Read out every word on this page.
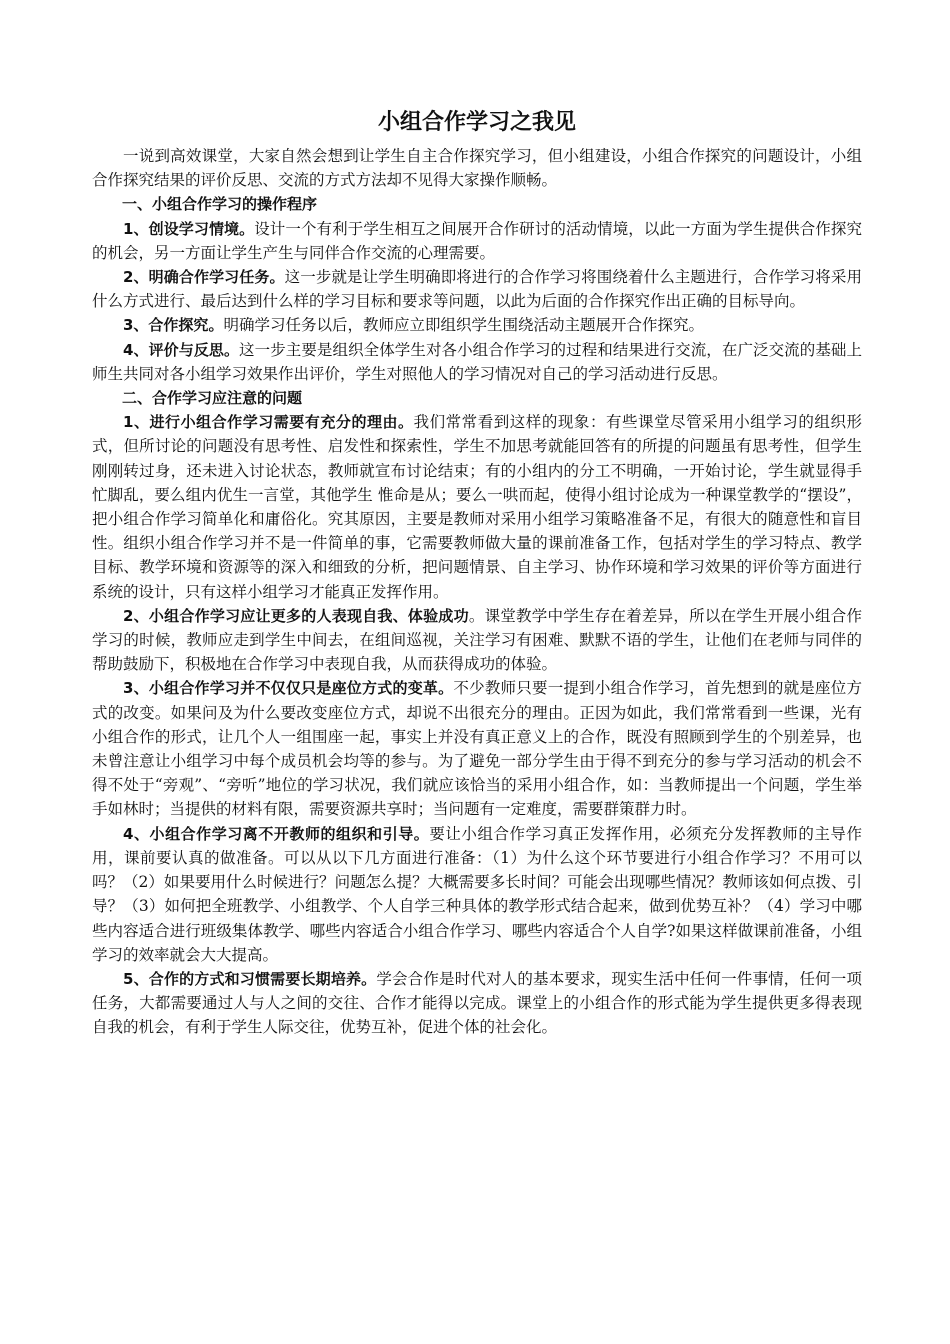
小组合作学习之我见

一说到高效课堂，大家自然会想到让学生自主合作探究学习，但小组建设，小组合作探究的问题设计，小组合作探究结果的评价反思、交流的方式方法却不见得大家操作顺畅。

一、小组合作学习的操作程序

1、创设学习情境。设计一个有利于学生相互之间展开合作研讨的活动情境，以此一方面为学生提供合作探究的机会，另一方面让学生产生与同伴合作交流的心理需要。

2、明确合作学习任务。这一步就是让学生明确即将进行的合作学习将围绕着什么主题进行，合作学习将采用什么方式进行、最后达到什么样的学习目标和要求等问题，以此为后面的合作探究作出正确的目标导向。

3、合作探究。明确学习任务以后，教师应立即组织学生围绕活动主题展开合作探究。

4、评价与反思。这一步主要是组织全体学生对各小组合作学习的过程和结果进行交流，在广泛交流的基础上师生共同对各小组学习效果作出评价，学生对照他人的学习情况对自己的学习活动进行反思。

二、合作学习应注意的问题

1、进行小组合作学习需要有充分的理由。我们常常看到这样的现象：有些课堂尽管采用小组学习的组织形式，但所讨论的问题没有思考性、启发性和探索性，学生不加思考就能回答有的所提的问题虽有思考性，但学生刚刚转过身，还未进入讨论状态，教师就宣布讨论结束；有的小组内的分工不明确，一开始讨论，学生就显得手忙脚乱，要么组内优生一言堂，其他学生 惟命是从；要么一哄而起，使得小组讨论成为一种课堂教学的“摆设”，把小组合作学习简单化和庸俗化。究其原因，主要是教师对采用小组学习策略准备不足，有很大的随意性和盲目性。组织小组合作学习并不是一件简单的事，它需要教师做大量的课前准备工作，包括对学生的学习特点、教学目标、教学环境和资源等的深入和细致的分析，把问题情景、自主学习、协作环境和学习效果的评价等方面进行系统的设计，只有这样小组学习才能真正发挥作用。

2、小组合作学习应让更多的人表现自我、体验成功。课堂教学中学生存在着差异，所以在学生开展小组合作学习的时候，教师应走到学生中间去，在组间巡视，关注学习有困难、默默不语的学生，让他们在老师与同伴的帮助鼓励下，积极地在合作学习中表现自我，从而获得成功的体验。

3、小组合作学习并不仅仅只是座位方式的变革。不少教师只要一提到小组合作学习，首先想到的就是座位方式的改变。如果问及为什么要改变座位方式，却说不出很充分的理由。正因为如此，我们常常看到一些课，光有小组合作的形式，让几个人一组围座一起，事实上并没有真正意义上的合作，既没有照顾到学生的个别差异，也未曾注意让小组学习中每个成员机会均等的参与。为了避免一部分学生由于得不到充分的参与学习活动的机会不得不处于“旁观”、“旁听”地位的学习状况，我们就应该恰当的采用小组合作，如：当教师提出一个问题，学生举手如林时；当提供的材料有限，需要资源共享时；当问题有一定难度，需要群策群力时。

4、小组合作学习离不开教师的组织和引导。要让小组合作学习真正发挥作用，必须充分发挥教师的主导作用，课前要认真的做准备。可以从以下几方面进行准备：（1）为什么这个环节要进行小组合作学习？不用可以吗？（2）如果要用什么时候进行？问题怎么提？大概需要多长时间？可能会出现哪些情况？教师该如何点拨、引导？（3）如何把全班教学、小组教学、个人自学三种具体的教学形式结合起来，做到优势互补？（4）学习中哪些内容适合进行班级集体教学、哪些内容适合小组合作学习、哪些内容适合个人自学?如果这样做课前准备，小组学习的效率就会大大提高。

5、合作的方式和习惯需要长期培养。学会合作是时代对人的基本要求，现实生活中任何一件事情，任何一项任务，大都需要通过人与人之间的交往、合作才能得以完成。课堂上的小组合作的形式能为学生提供更多得表现自我的机会，有利于学生人际交往，优势互补，促进个体的社会化。
